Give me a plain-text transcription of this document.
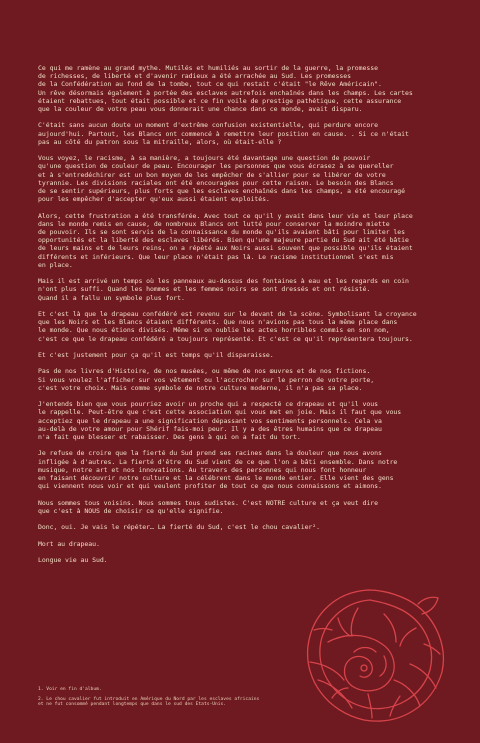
Ce qui me ramène au grand mythe. Mutilés et humiliés au sortir de la guerre, la promesse
de richesses, de liberté et d'avenir radieux a été arrachée au Sud. Les promesses
de la Confédération au fond de la tombe, tout ce qui restait c'était "le Rêve Américain".
Un rêve désormais également à portée des esclaves autrefois enchaînés dans les champs. Les cartes
étaient rebattues, tout était possible et ce fin voile de prestige pathétique, cette assurance
que la couleur de votre peau vous donnerait une chance dans ce monde, avait disparu.

C'était sans aucun doute un moment d'extrême confusion existentielle, qui perdure encore
aujourd'hui. Partout, les Blancs ont commencé à remettre leur position en cause. . Si ce n'était
pas au côté du patron sous la mitraille, alors, où était-elle ?

Vous voyez, le racisme, à sa manière, a toujours été davantage une question de pouvoir
qu'une question de couleur de peau. Encourager les personnes que vous écrasez à se quereller
et à s'entredéchirer est un bon moyen de les empêcher de s'allier pour se libérer de votre
tyrannie. Les divisions raciales ont été encouragées pour cette raison. Le besoin des Blancs
de se sentir supérieurs, plus forts que les esclaves enchaînés dans les champs, a été encouragé
pour les empêcher d'accepter qu'eux aussi étaient exploités.

Alors, cette frustration a été transférée. Avec tout ce qu'il y avait dans leur vie et leur place
dans le monde remis en cause, de nombreux Blancs ont lutté pour conserver la moindre miette
de pouvoir. Ils se sont servis de la connaissance du monde qu'ils avaient bâti pour limiter les
opportunités et la liberté des esclaves libérés. Bien qu'une majeure partie du Sud ait été bâtie
de leurs mains et de leurs reins, on a répété aux Noirs aussi souvent que possible qu'ils étaient
différents et inférieurs. Que leur place n'était pas là. Le racisme institutionnel s'est mis
en place.

Mais il est arrivé un temps où les panneaux au-dessus des fontaines à eau et les regards en coin
n'ont plus suffi. Quand les hommes et les femmes noirs se sont dressés et ont résisté.
Quand il a fallu un symbole plus fort.

Et c'est là que le drapeau confédéré est revenu sur le devant de la scène. Symbolisant la croyance
que les Noirs et les Blancs étaient différents. Que nous n'avions pas tous la même place dans
le monde. Que nous étions divisés. Même si on oublie les actes horribles commis en son nom,
c'est ce que le drapeau confédéré a toujours représenté. Et c'est ce qu'il représentera toujours.

Et c'est justement pour ça qu'il est temps qu'il disparaisse.

Pas de nos livres d'Histoire, de nos musées, ou même de nos œuvres et de nos fictions.
Si vous voulez l'afficher sur vos vêtement ou l'accrocher sur le perron de votre porte,
c'est votre choix. Mais comme symbole de notre culture moderne, il n'a pas sa place.

J'entends bien que vous pourriez avoir un proche qui a respecté ce drapeau et qu'il vous
le rappelle. Peut-être que c'est cette association qui vous met en joie. Mais il faut que vous
acceptiez que le drapeau a une signification dépassant vos sentiments personnels. Cela va
au-delà de votre amour pour Shérif fais-moi peur. Il y a des êtres humains que ce drapeau
n'a fait que blesser et rabaisser. Des gens à qui on a fait du tort.

Je refuse de croire que la fierté du Sud prend ses racines dans la douleur que nous avons
infligée à d'autres. La fierté d'être du Sud vient de ce que l'on a bâti ensemble. Dans notre
musique, notre art et nos innovations. Au travers des personnes qui nous font honneur
en faisant découvrir notre culture et la célébrent dans le monde entier. Elle vient des gens
qui viennent nous voir et qui veulent profiter de tout ce que nous connaissons et aimons.

Nous sommes tous voisins. Nous sommes tous sudistes. C'est NOTRE culture et ça veut dire
que c'est à NOUS de choisir ce qu'elle signifie.

Donc, oui. Je vais le répéter… La fierté du Sud, c'est le chou cavalier².

Mort au drapeau.

Longue vie au Sud.

1. Voir en fin d'album.

2. Le chou cavalier fut introduit en Amérique du Nord par les esclaves africains
et ne fut consommé pendant longtemps que dans le sud des Etats-Unis.
